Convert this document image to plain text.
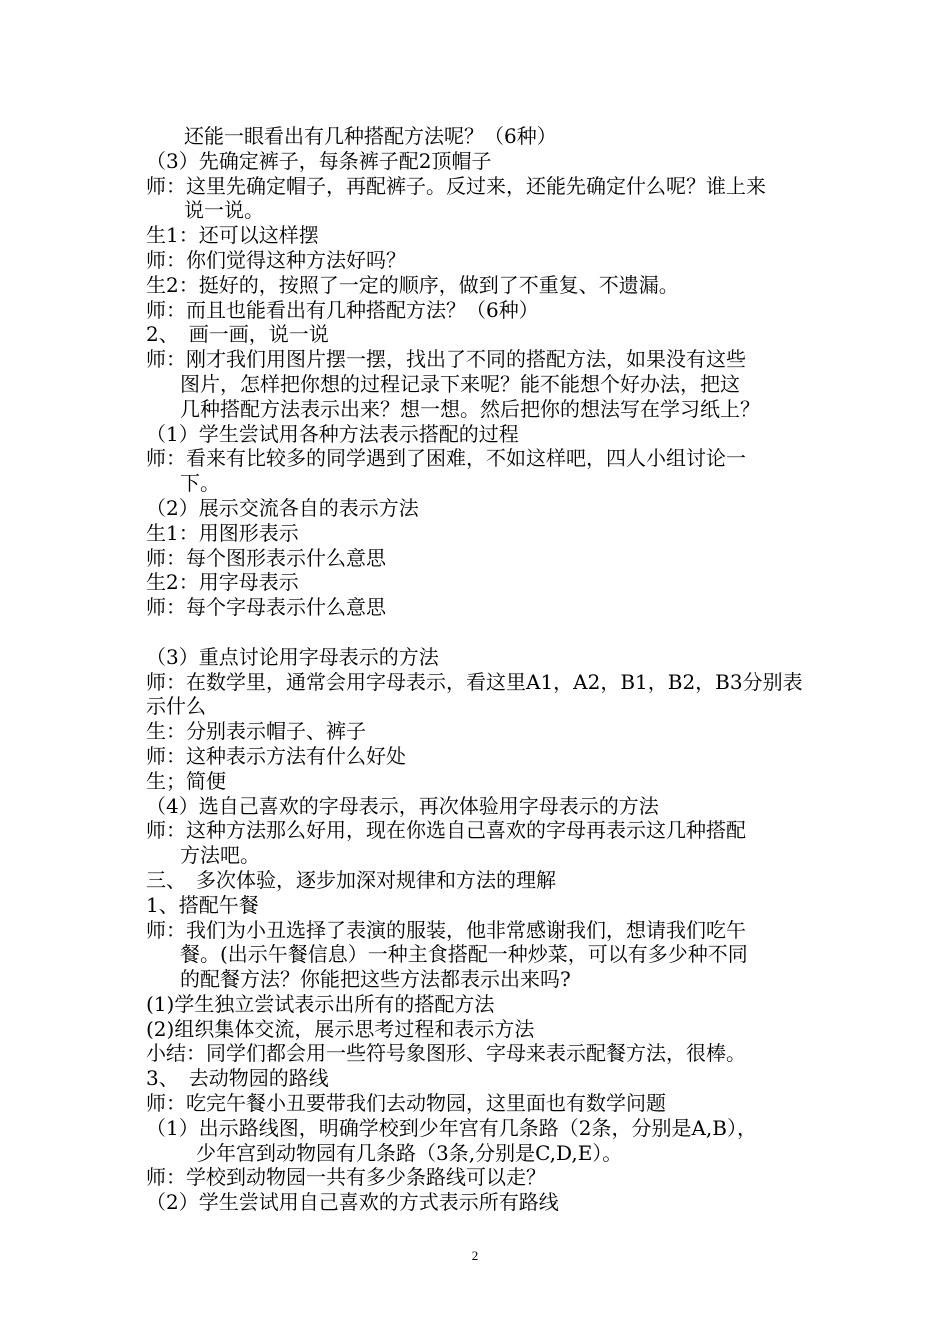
还能一眼看出有几种搭配方法呢？（6种）
（3）先确定裤子，每条裤子配2顶帽子
师：这里先确定帽子，再配裤子。反过来，还能先确定什么呢？谁上来
说一说。
生1：还可以这样摆
师：你们觉得这种方法好吗？
生2：挺好的，按照了一定的顺序，做到了不重复、不遗漏。
师：而且也能看出有几种搭配方法？（6种）
2、　画一画，说一说
师：刚才我们用图片摆一摆，找出了不同的搭配方法，如果没有这些
图片，怎样把你想的过程记录下来呢？能不能想个好办法，把这
几种搭配方法表示出来？想一想。然后把你的想法写在学习纸上？
（1）学生尝试用各种方法表示搭配的过程
师：看来有比较多的同学遇到了困难，不如这样吧，四人小组讨论一
下。
（2）展示交流各自的表示方法
生1：用图形表示
师：每个图形表示什么意思
生2：用字母表示
师：每个字母表示什么意思
（3）重点讨论用字母表示的方法
师：在数学里，通常会用字母表示，看这里A1，A2，B1，B2，B3分别表
示什么
生：分别表示帽子、裤子
师：这种表示方法有什么好处
生；简便
（4）选自己喜欢的字母表示，再次体验用字母表示的方法
师：这种方法那么好用，现在你选自己喜欢的字母再表示这几种搭配
方法吧。
三、　多次体验，逐步加深对规律和方法的理解
1、搭配午餐
师：我们为小丑选择了表演的服装，他非常感谢我们，想请我们吃午
餐。(出示午餐信息）一种主食搭配一种炒菜，可以有多少种不同
的配餐方法？你能把这些方法都表示出来吗?
(1)学生独立尝试表示出所有的搭配方法
(2)组织集体交流，展示思考过程和表示方法
小结：同学们都会用一些符号象图形、字母来表示配餐方法，很棒。
3、　去动物园的路线
师：吃完午餐小丑要带我们去动物园，这里面也有数学问题
（1）出示路线图，明确学校到少年宫有几条路（2条，分别是A,B），
少年宫到动物园有几条路（3条,分别是C,D,E）。
师：学校到动物园一共有多少条路线可以走？
（2）学生尝试用自己喜欢的方式表示所有路线
2
